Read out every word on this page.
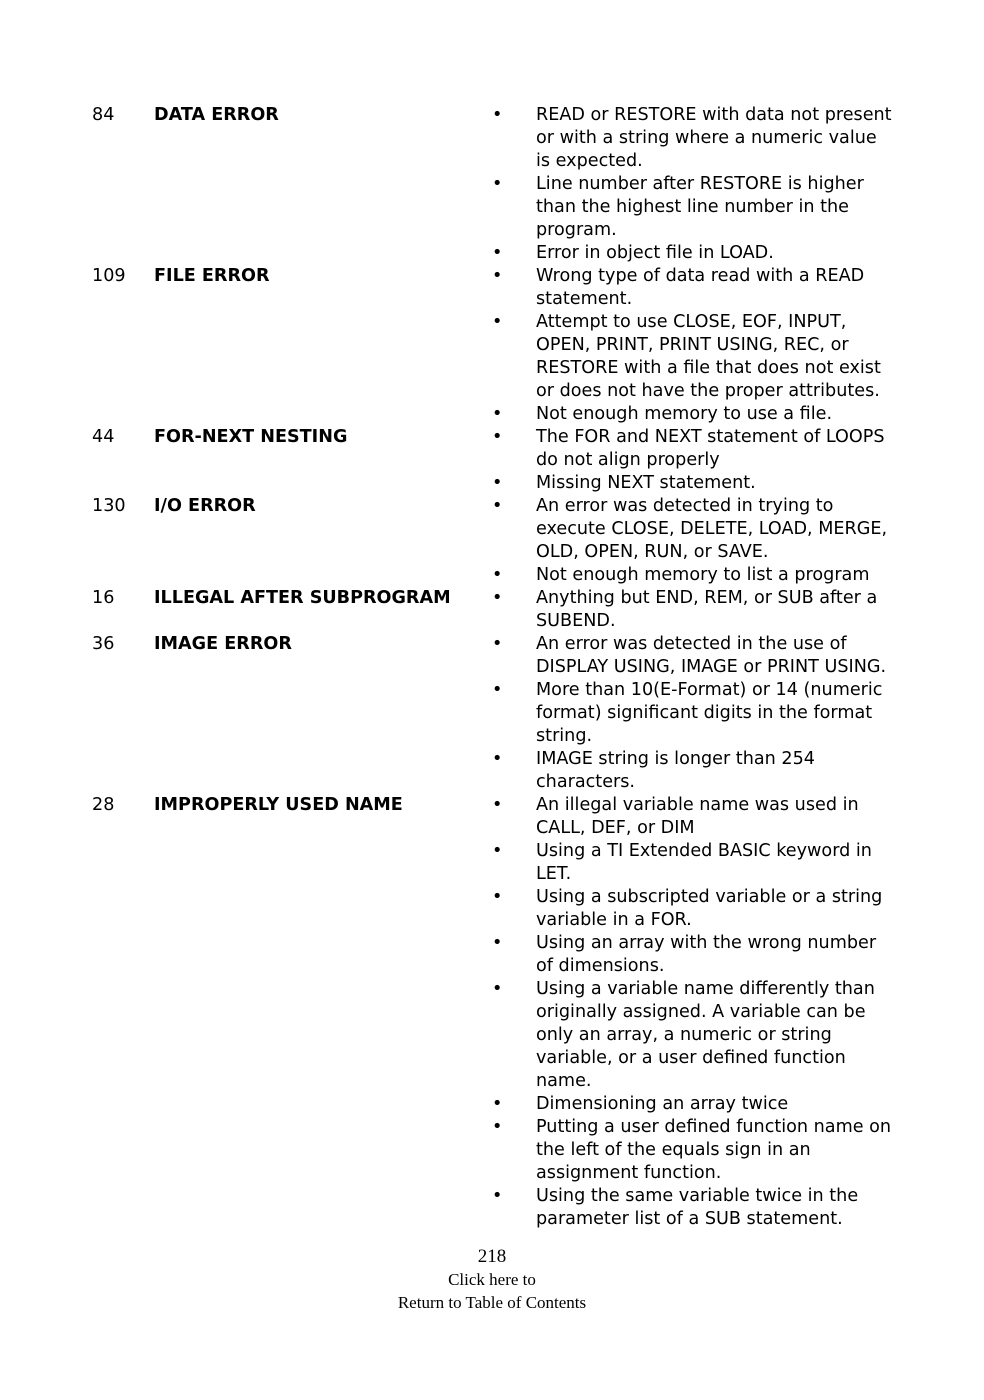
84	DATA ERROR	• READ or RESTORE with data not present or with a string where a numeric value is expected.
• Line number after RESTORE is higher than the highest line number in the program.
• Error in object file in LOAD.
109	FILE ERROR	• Wrong type of data read with a READ statement.
• Attempt to use CLOSE, EOF, INPUT, OPEN, PRINT, PRINT USING, REC, or RESTORE with a file that does not exist or does not have the proper attributes.
• Not enough memory to use a file.
44	FOR-NEXT NESTING	• The FOR and NEXT statement of LOOPS do not align properly
• Missing NEXT statement.
130	I/O ERROR	• An error was detected in trying to execute CLOSE, DELETE, LOAD, MERGE, OLD, OPEN, RUN, or SAVE.
• Not enough memory to list a program
16	ILLEGAL AFTER SUBPROGRAM	• Anything but END, REM, or SUB after a SUBEND.
36	IMAGE ERROR	• An error was detected in the use of DISPLAY USING, IMAGE or PRINT USING.
• More than 10(E-Format) or 14 (numeric format) significant digits in the format string.
• IMAGE string is longer than 254 characters.
28	IMPROPERLY USED NAME	• An illegal variable name was used in CALL, DEF, or DIM
• Using a TI Extended BASIC keyword in LET.
• Using a subscripted variable or a string variable in a FOR.
• Using an array with the wrong number of dimensions.
• Using a variable name differently than originally assigned. A variable can be only an array, a numeric or string variable, or a user defined function name.
• Dimensioning an array twice
• Putting a user defined function name on the left of the equals sign in an assignment function.
• Using the same variable twice in the parameter list of a SUB statement.
218
Click here to
Return to Table of Contents
